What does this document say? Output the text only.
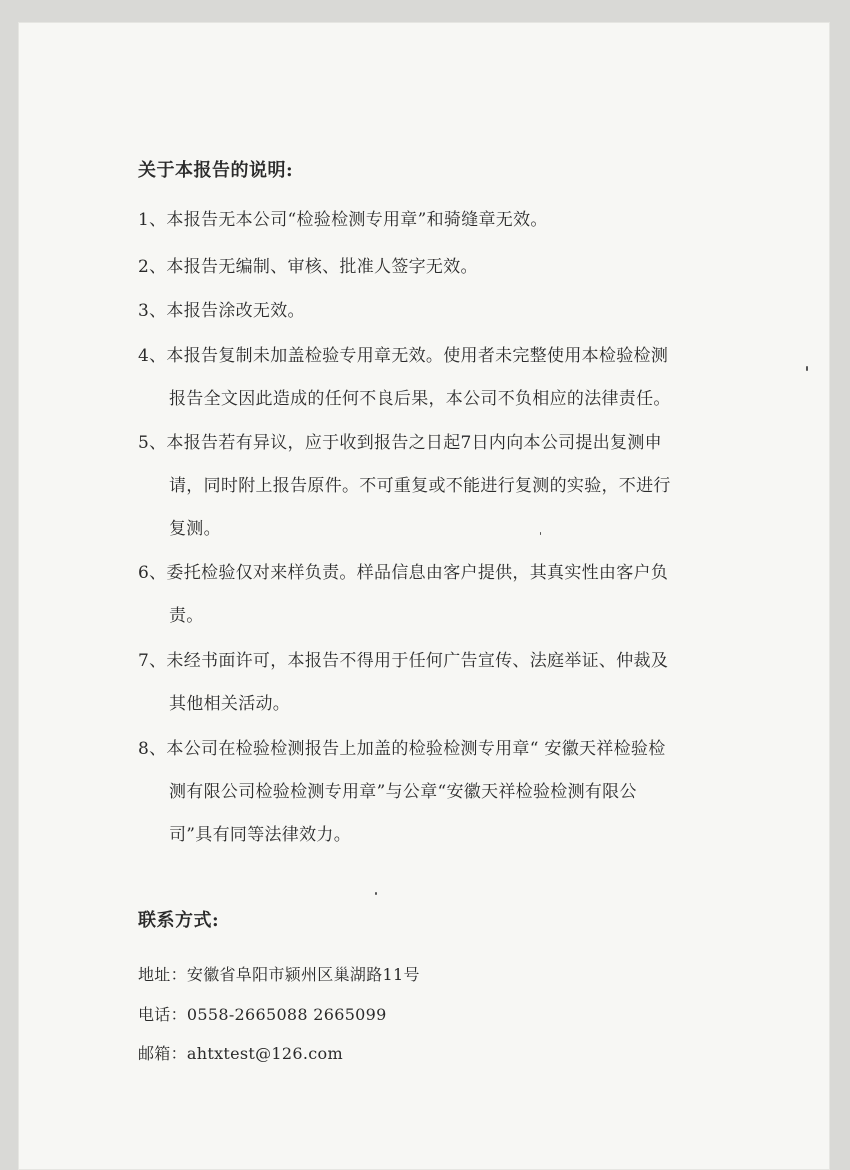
关于本报告的说明:
1、本报告无本公司“检验检测专用章”和骑缝章无效。
2、本报告无编制、审核、批准人签字无效。
3、本报告涂改无效。
4、本报告复制未加盖检验专用章无效。使用者未完整使用本检验检测
报告全文因此造成的任何不良后果，本公司不负相应的法律责任。
5、本报告若有异议，应于收到报告之日起7日内向本公司提出复测申
请，同时附上报告原件。不可重复或不能进行复测的实验，不进行
复测。
6、委托检验仅对来样负责。样品信息由客户提供，其真实性由客户负
责。
7、未经书面许可，本报告不得用于任何广告宣传、法庭举证、仲裁及
其他相关活动。
8、本公司在检验检测报告上加盖的检验检测专用章“ 安徽天祥检验检
测有限公司检验检测专用章”与公章“安徽天祥检验检测有限公
司”具有同等法律效力。
联系方式:
地址：安徽省阜阳市颍州区巢湖路11号
电话：0558-2665088 2665099
邮箱：ahtxtest@126.com
